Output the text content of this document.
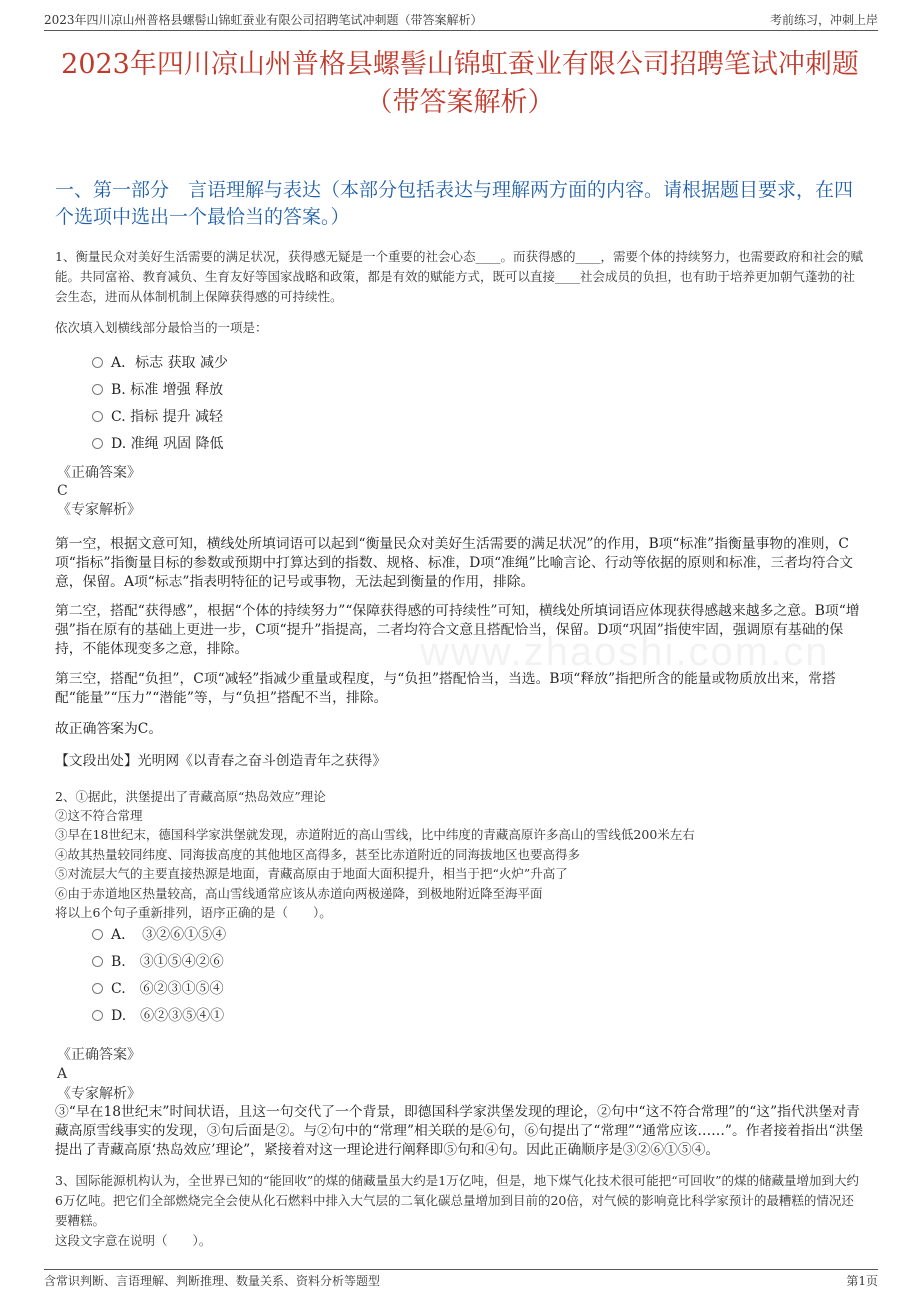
2023年四川凉山州普格县螺髻山锦虹蚕业有限公司招聘笔试冲刺题（带答案解析）	考前练习，冲刺上岸
2023年四川凉山州普格县螺髻山锦虹蚕业有限公司招聘笔试冲刺题（带答案解析）
一、第一部分　言语理解与表达（本部分包括表达与理解两方面的内容。请根据题目要求，在四个选项中选出一个最恰当的答案。）
www.zhaoshi.com.cn
1、衡量民众对美好生活需要的满足状况，获得感无疑是一个重要的社会心态____。而获得感的____，需要个体的持续努力，也需要政府和社会的赋能。共同富裕、教育减负、生育友好等国家战略和政策，都是有效的赋能方式，既可以直接____社会成员的负担，也有助于培养更加朝气蓬勃的社会生态，进而从体制机制上保障获得感的可持续性。
依次填入划横线部分最恰当的一项是：
A．标志 获取 减少
B. 标准 增强 释放
C. 指标 提升 减轻
D. 准绳 巩固 降低
《正确答案》
C
《专家解析》
第一空，根据文意可知，横线处所填词语可以起到“衡量民众对美好生活需要的满足状况”的作用，B项“标准”指衡量事物的准则，C项“指标”指衡量目标的参数或预期中打算达到的指数、规格、标准，D项“准绳”比喻言论、行动等依据的原则和标准，三者均符合文意，保留。A项“标志”指表明特征的记号或事物，无法起到衡量的作用，排除。
第二空，搭配“获得感”，根据“个体的持续努力”“保障获得感的可持续性”可知，横线处所填词语应体现获得感越来越多之意。B项“增强”指在原有的基础上更进一步，C项“提升”指提高，二者均符合文意且搭配恰当，保留。D项“巩固”指使牢固，强调原有基础的保持，不能体现变多之意，排除。
第三空，搭配“负担”，C项“减轻”指减少重量或程度，与“负担”搭配恰当，当选。B项“释放”指把所含的能量或物质放出来，常搭配“能量”“压力”“潜能”等，与“负担”搭配不当，排除。
故正确答案为C。
【文段出处】光明网《以青春之奋斗创造青年之获得》
2、①据此，洪堡提出了青藏高原“热岛效应”理论
②这不符合常理
③早在18世纪末，德国科学家洪堡就发现，赤道附近的高山雪线，比中纬度的青藏高原许多高山的雪线低200米左右
④故其热量较同纬度、同海拔高度的其他地区高得多，甚至比赤道附近的同海拔地区也要高得多
⑤对流层大气的主要直接热源是地面，青藏高原由于地面大面积提升，相当于把“火炉”升高了
⑥由于赤道地区热量较高，高山雪线通常应该从赤道向两极递降，到极地附近降至海平面
将以上6个句子重新排列，语序正确的是（　　）。
A．　③②⑥①⑤④
B.　③①⑤④②⑥
C.　⑥②③①⑤④
D.　⑥②③⑤④①
《正确答案》
A
《专家解析》
③“早在18世纪末”时间状语，且这一句交代了一个背景，即德国科学家洪堡发现的理论，②句中“这不符合常理”的“这”指代洪堡对青藏高原雪线事实的发现，③句后面是②。与②句中的“常理”相关联的是⑥句，⑥句提出了“常理”“通常应该……”。作者接着指出“洪堡提出了青藏高原‘热岛效应’理论”，紧接着对这一理论进行阐释即⑤句和④句。因此正确顺序是③②⑥①⑤④。
3、国际能源机构认为，全世界已知的“能回收”的煤的储藏量虽大约是1万亿吨，但是，地下煤气化技术很可能把“可回收”的煤的储藏量增加到大约6万亿吨。把它们全部燃烧完全会使从化石燃料中排入大气层的二氧化碳总量增加到目前的20倍，对气候的影响竟比科学家预计的最糟糕的情况还要糟糕。
这段文字意在说明（　　）。
含常识判断、言语理解、判断推理、数量关系、资料分析等题型	第1页
